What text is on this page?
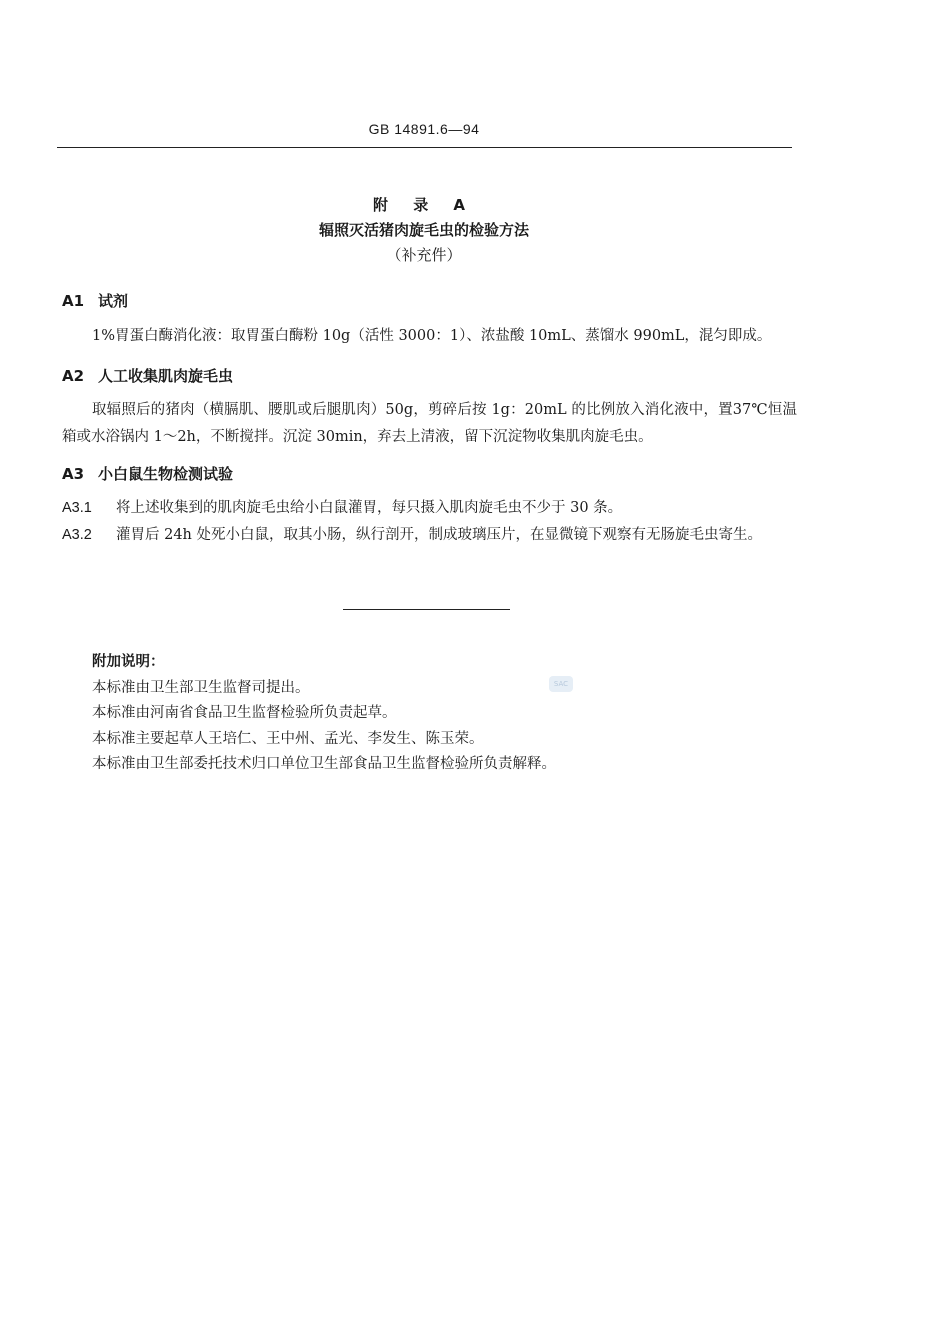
GB 14891.6—94
附 录 A
辐照灭活猪肉旋毛虫的检验方法
（补充件）
A1 试剂
1%胃蛋白酶消化液：取胃蛋白酶粉 10g（活性 3000：1）、浓盐酸 10mL、蒸馏水 990mL，混匀即成。
A2 人工收集肌肉旋毛虫
取辐照后的猪肉（横膈肌、腰肌或后腿肌肉）50g，剪碎后按 1g：20mL 的比例放入消化液中，置37℃恒温箱或水浴锅内 1～2h，不断搅拌。沉淀 30min，弃去上清液，留下沉淀物收集肌肉旋毛虫。
A3 小白鼠生物检测试验
A3.1 将上述收集到的肌肉旋毛虫给小白鼠灌胃，每只摄入肌肉旋毛虫不少于 30 条。
A3.2 灌胃后 24h 处死小白鼠，取其小肠，纵行剖开，制成玻璃压片，在显微镜下观察有无肠旋毛虫寄生。
附加说明：
本标准由卫生部卫生监督司提出。
本标准由河南省食品卫生监督检验所负责起草。
本标准主要起草人王培仁、王中州、孟光、李发生、陈玉荣。
本标准由卫生部委托技术归口单位卫生部食品卫生监督检验所负责解释。
SAC
